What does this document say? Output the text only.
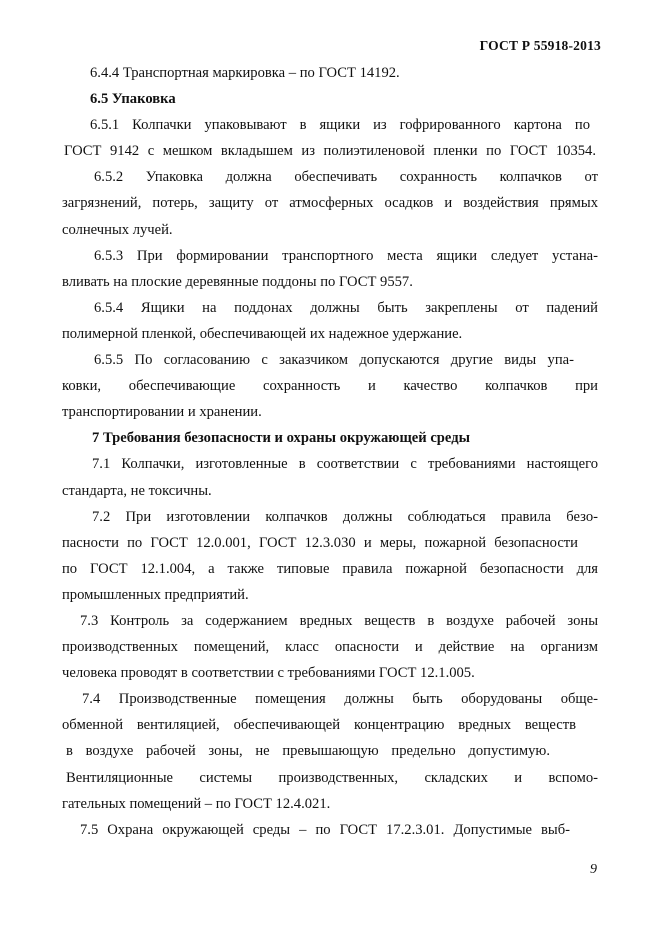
ГОСТ Р 55918-2013
6.4.4 Транспортная маркировка – по ГОСТ 14192.
6.5 Упаковка
6.5.1 Колпачки упаковывают в ящики из гофрированного картона по
ГОСТ 9142 с мешком вкладышем из полиэтиленовой пленки по ГОСТ 10354.
6.5.2 Упаковка должна обеспечивать сохранность колпачков от
загрязнений, потерь, защиту от атмосферных осадков и воздействия прямых
солнечных лучей.
6.5.3 При формировании транспортного места ящики следует устана-
вливать на плоские деревянные поддоны по ГОСТ 9557.
6.5.4 Ящики на поддонах должны быть закреплены от падений
полимерной пленкой, обеспечивающей их надежное удержание.
6.5.5 По согласованию с заказчиком допускаются другие виды упа-
ковки, обеспечивающие сохранность и качество колпачков при
транспортировании и хранении.
7 Требования безопасности и охраны окружающей среды
7.1 Колпачки, изготовленные в соответствии с требованиями настоящего
стандарта, не токсичны.
7.2 При изготовлении колпачков должны соблюдаться правила безо-
пасности по ГОСТ 12.0.001, ГОСТ 12.3.030 и меры, пожарной безопасности
по ГОСТ 12.1.004, а также типовые правила пожарной безопасности для
промышленных предприятий.
7.3 Контроль за содержанием вредных веществ в воздухе рабочей зоны
производственных помещений, класс опасности и действие на организм
человека проводят в соответствии с требованиями ГОСТ 12.1.005.
7.4 Производственные помещения должны быть оборудованы обще-
обменной вентиляцией, обеспечивающей концентрацию вредных веществ
в воздухе рабочей зоны, не превышающую предельно допустимую.
Вентиляционные системы производственных, складских и вспомо-
гательных помещений – по ГОСТ 12.4.021.
7.5 Охрана окружающей среды – по ГОСТ 17.2.3.01. Допустимые выб-
9
